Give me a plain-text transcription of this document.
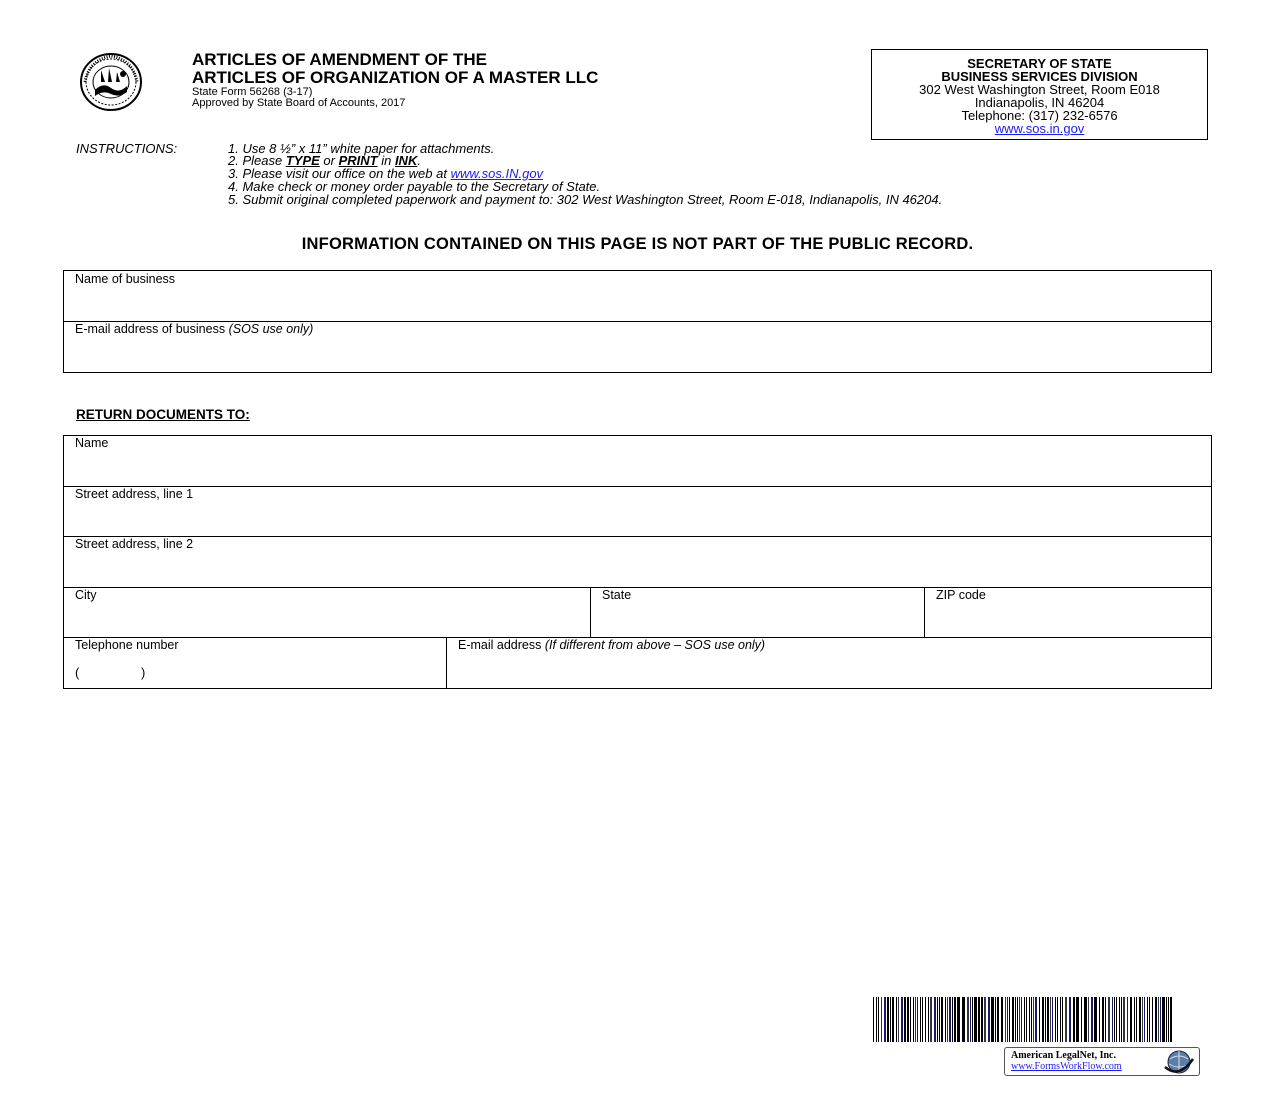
ARTICLES OF AMENDMENT OF THE
ARTICLES OF ORGANIZATION OF A MASTER LLC
State Form 56268 (3-17)
Approved by State Board of Accounts, 2017
SECRETARY OF STATE
BUSINESS SERVICES DIVISION
302 West Washington Street, Room E018
Indianapolis, IN 46204
Telephone: (317) 232-6576
www.sos.in.gov
INSTRUCTIONS:	1. Use 8 ½” x 11” white paper for attachments.
2. Please TYPE or PRINT in INK.
3. Please visit our office on the web at www.sos.IN.gov
4. Make check or money order payable to the Secretary of State.
5. Submit original completed paperwork and payment to: 302 West Washington Street, Room E-018, Indianapolis, IN 46204.
INFORMATION CONTAINED ON THIS PAGE IS NOT PART OF THE PUBLIC RECORD.
Name of business
E-mail address of business (SOS use only)
RETURN DOCUMENTS TO:
Name
Street address, line 1
Street address, line 2
City	State	ZIP code
Telephone number
(	)
E-mail address (If different from above – SOS use only)
American LegalNet, Inc.
www.FormsWorkFlow.com
